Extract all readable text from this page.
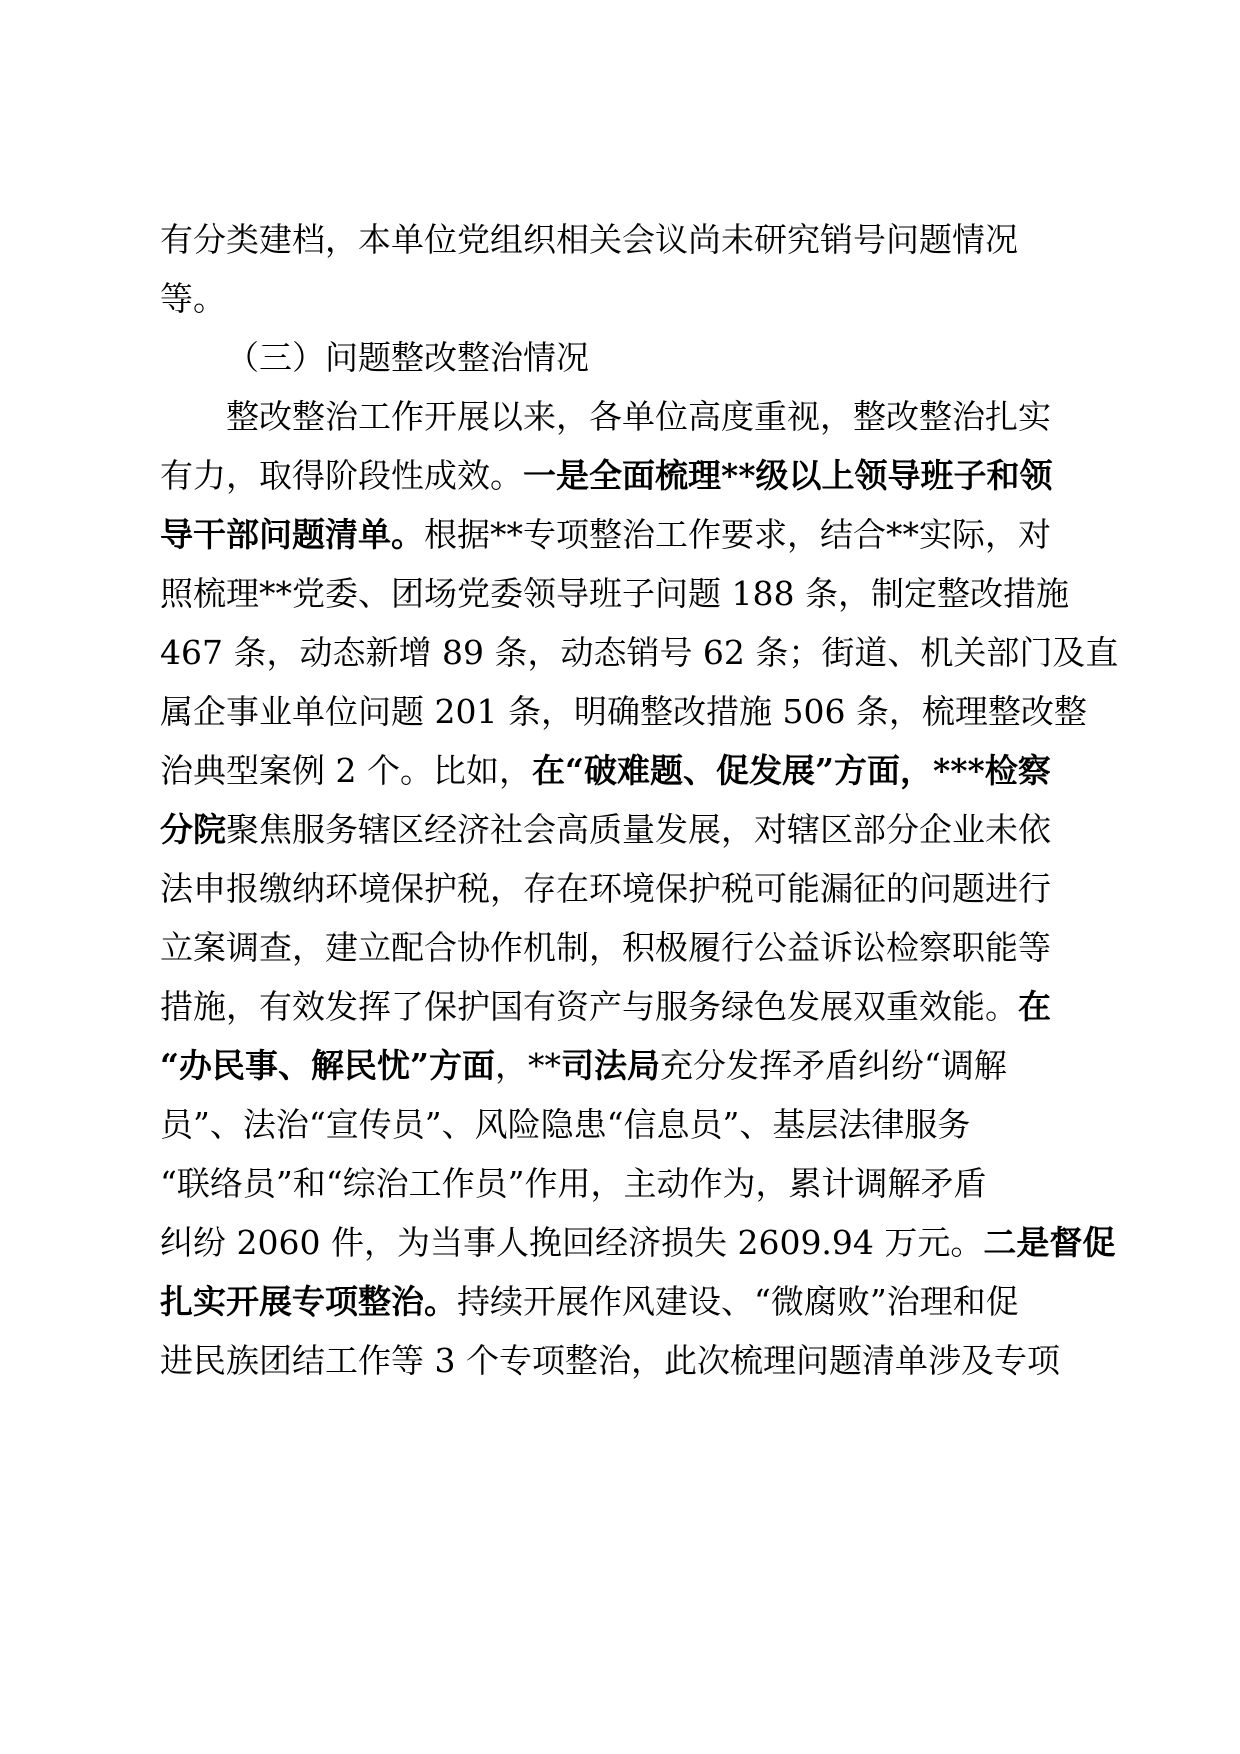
有分类建档，本单位党组织相关会议尚未研究销号问题情况
等。
（三）问题整改整治情况
整改整治工作开展以来，各单位高度重视，整改整治扎实
有力，取得阶段性成效。一是全面梳理**级以上领导班子和领
导干部问题清单。根据**专项整治工作要求，结合**实际，对
照梳理**党委、团场党委领导班子问题 188 条，制定整改措施
467 条，动态新增 89 条，动态销号 62 条；街道、机关部门及直
属企事业单位问题 201 条，明确整改措施 506 条，梳理整改整
治典型案例 2 个。比如，在“破难题、促发展”方面，***检察
分院聚焦服务辖区经济社会高质量发展，对辖区部分企业未依
法申报缴纳环境保护税，存在环境保护税可能漏征的问题进行
立案调查，建立配合协作机制，积极履行公益诉讼检察职能等
措施，有效发挥了保护国有资产与服务绿色发展双重效能。在
“办民事、解民忧”方面，**司法局充分发挥矛盾纠纷“调解
员”、法治“宣传员”、风险隐患“信息员”、基层法律服务
“联络员”和“综治工作员”作用，主动作为，累计调解矛盾
纠纷 2060 件，为当事人挽回经济损失 2609.94 万元。二是督促
扎实开展专项整治。持续开展作风建设、“微腐败”治理和促
进民族团结工作等 3 个专项整治，此次梳理问题清单涉及专项
